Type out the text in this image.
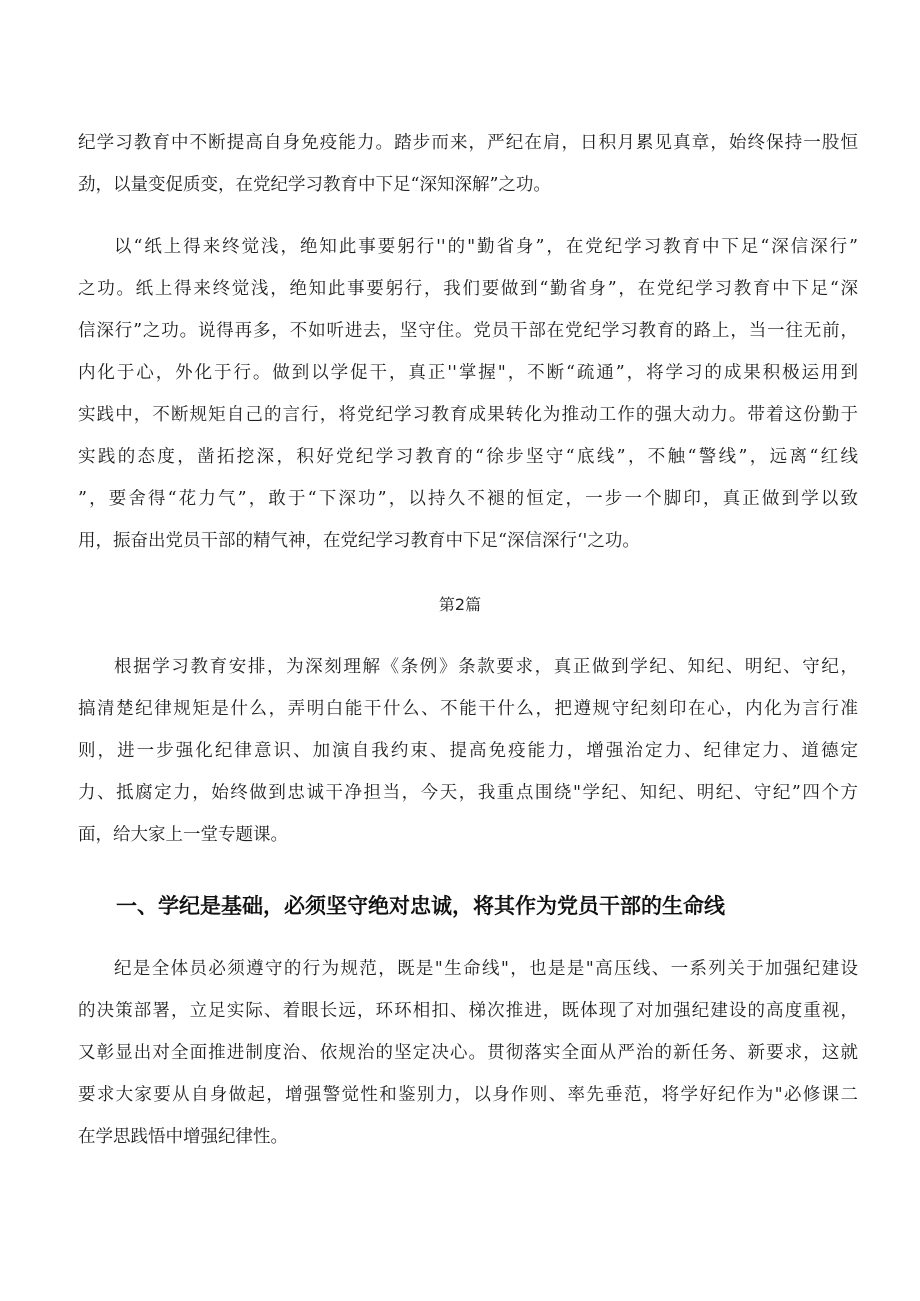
纪学习教育中不断提高自身免疫能力。踏步而来，严纪在肩，日积月累见真章，始终保持一股恒
劲，以量变促质变，在党纪学习教育中下足“深知深解”之功。
以“纸上得来终觉浅，绝知此事要躬行''的"勤省身”，在党纪学习教育中下足“深信深行”
之功。纸上得来终觉浅，绝知此事要躬行，我们要做到“勤省身”，在党纪学习教育中下足“深
信深行”之功。说得再多，不如听进去，坚守住。党员干部在党纪学习教育的路上，当一往无前，
内化于心，外化于行。做到以学促干，真正''掌握"，不断“疏通”，将学习的成果积极运用到
实践中，不断规矩自己的言行，将党纪学习教育成果转化为推动工作的强大动力。带着这份勤于
实践的态度，凿拓挖深，积好党纪学习教育的“徐步坚守“底线”，不触“警线”，远离“红线
”，要舍得“花力气”，敢于“下深功”，以持久不褪的恒定，一步一个脚印，真正做到学以致
用，振奋出党员干部的精气神，在党纪学习教育中下足“深信深行‘'之功。
第2篇
根据学习教育安排，为深刻理解《条例》条款要求，真正做到学纪、知纪、明纪、守纪，
搞清楚纪律规矩是什么，弄明白能干什么、不能干什么，把遵规守纪刻印在心，内化为言行准
则，进一步强化纪律意识、加演自我约束、提高免疫能力，增强治定力、纪律定力、道德定
力、抵腐定力，始终做到忠诚干净担当，今天，我重点围绕"学纪、知纪、明纪、守纪”四个方
面，给大家上一堂专题课。
一、学纪是基础，必须坚守绝对忠诚，将其作为党员干部的生命线
纪是全体员必须遵守的行为规范，既是"生命线"，也是是"高压线、一系列关于加强纪建设
的决策部署，立足实际、着眼长远，环环相扣、梯次推进，既体现了对加强纪建设的高度重视，
又彰显出对全面推进制度治、依规治的坚定决心。贯彻落实全面从严治的新任务、新要求，这就
要求大家要从自身做起，增强警觉性和鉴别力，以身作则、率先垂范，将学好纪作为"必修课二
在学思践悟中增强纪律性。
